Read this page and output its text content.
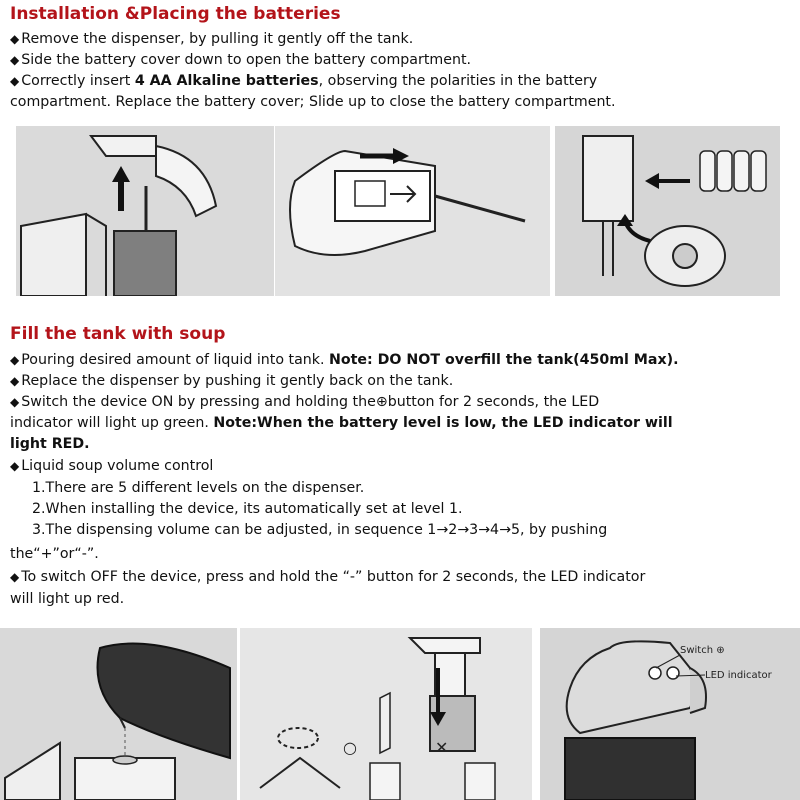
Installation &Placing the batteries

◆ Remove the dispenser, by pulling it gently off the tank.

◆ Side the battery cover down to open the battery compartment.

◆ Correctly insert 4 AA Alkaline batteries, observing the polarities in the battery

compartment. Replace the battery cover; Slide up to close the battery compartment.

Fill the tank with soup

◆ Pouring desired amount of liquid into tank. Note: DO NOT overfill the tank(450ml Max).

◆ Replace the dispenser by pushing it gently back on the tank.

◆ Switch the device ON by pressing and holding the⊕button for 2 seconds, the LED

indicator will light up green. Note:When the battery level is low, the LED indicator will

light RED.

◆ Liquid soup volume control

1.There are 5 different levels on the dispenser.

2.When installing the device, its automatically set at level 1.

3.The dispensing volume can be adjusted, in sequence 1→2→3→4→5, by pushing

the“+”or“-”.

◆ To switch OFF the device, press and hold the “-” button for 2 seconds, the LED indicator

will light up red.

○	✕
Switch ⊕
LED indicator
